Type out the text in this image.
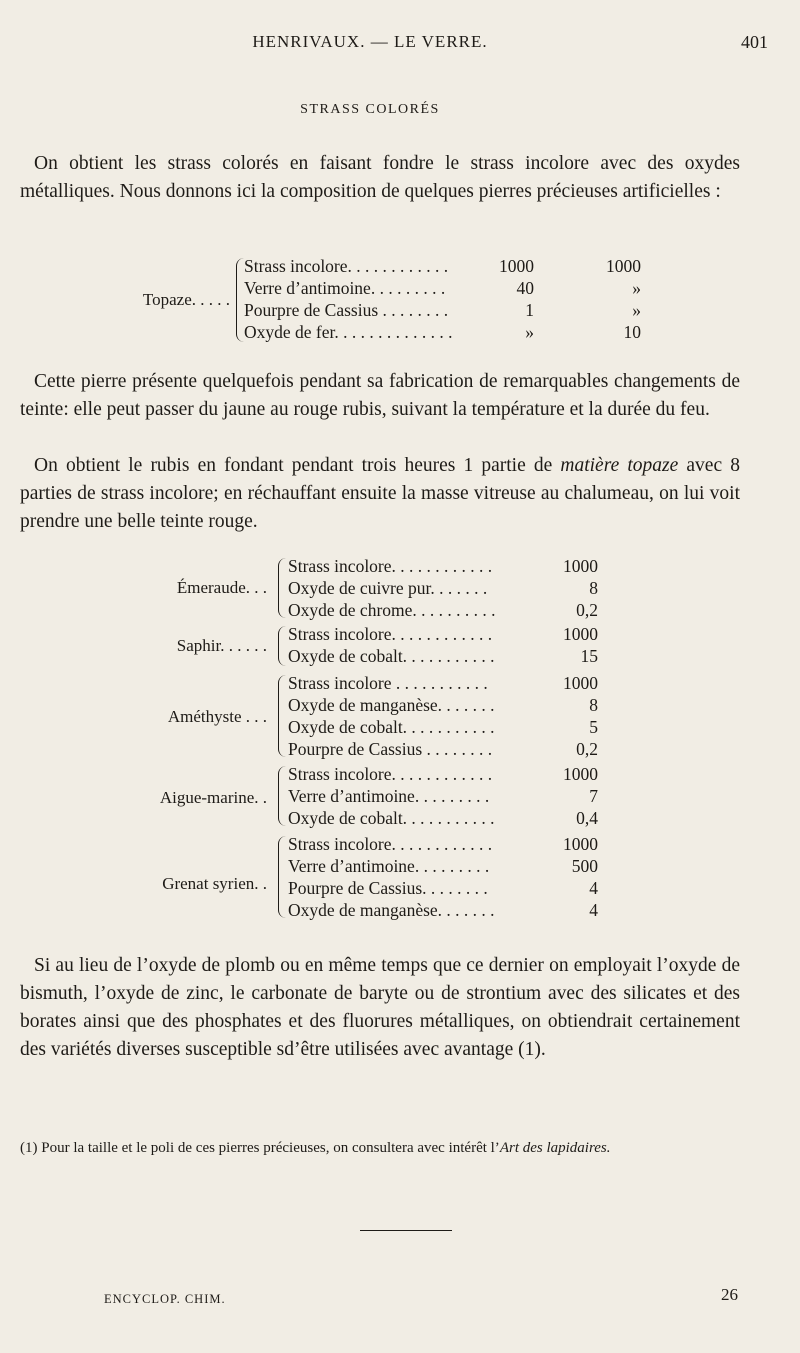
HENRIVAUX. — LE VERRE.	401
STRASS COLORÉS

On obtient les strass colorés en faisant fondre le strass incolore avec des oxydes métalliques. Nous donnons ici la composition de quelques pierres précieuses artificielles :

Topaze. . . . .
Strass incolore. . . . . . . . . . . .	1000	1000
Verre d’antimoine. . . . . . . . .	40	»
Pourpre de Cassius . . . . . . . .	1	»
Oxyde de fer. . . . . . . . . . . . . .	»	10

Cette pierre présente quelquefois pendant sa fabrication de remarquables changements de teinte: elle peut passer du jaune au rouge rubis, suivant la température et la durée du feu.

On obtient le rubis en fondant pendant trois heures 1 partie de matière topaze avec 8 parties de strass incolore; en réchauffant ensuite la masse vitreuse au chalumeau, on lui voit prendre une belle teinte rouge.

Émeraude. . .
Strass incolore. . . . . . . . . . . .	1000
Oxyde de cuivre pur. . . . . . .	8
Oxyde de chrome. . . . . . . . . .	0,2
Saphir. . . . . .
Strass incolore. . . . . . . . . . . .	1000
Oxyde de cobalt. . . . . . . . . . .	15
Améthyste . . .
Strass incolore . . . . . . . . . . .	1000
Oxyde de manganèse. . . . . . .	8
Oxyde de cobalt. . . . . . . . . . .	5
Pourpre de Cassius . . . . . . . .	0,2
Aigue-marine. .
Strass incolore. . . . . . . . . . . .	1000
Verre d’antimoine. . . . . . . . .	7
Oxyde de cobalt. . . . . . . . . . .	0,4
Grenat syrien. .
Strass incolore. . . . . . . . . . . .	1000
Verre d’antimoine. . . . . . . . .	500
Pourpre de Cassius. . . . . . . .	4
Oxyde de manganèse. . . . . . .	4

Si au lieu de l’oxyde de plomb ou en même temps que ce dernier on employait l’oxyde de bismuth, l’oxyde de zinc, le carbonate de baryte ou de strontium avec des silicates et des borates ainsi que des phosphates et des fluorures métalliques, on obtiendrait certainement des variétés diverses susceptible sd’être utilisées avec avantage (1).

(1) Pour la taille et le poli de ces pierres précieuses, on consultera avec intérêt l’Art des lapidaires.

ENCYCLOP. CHIM.	26
